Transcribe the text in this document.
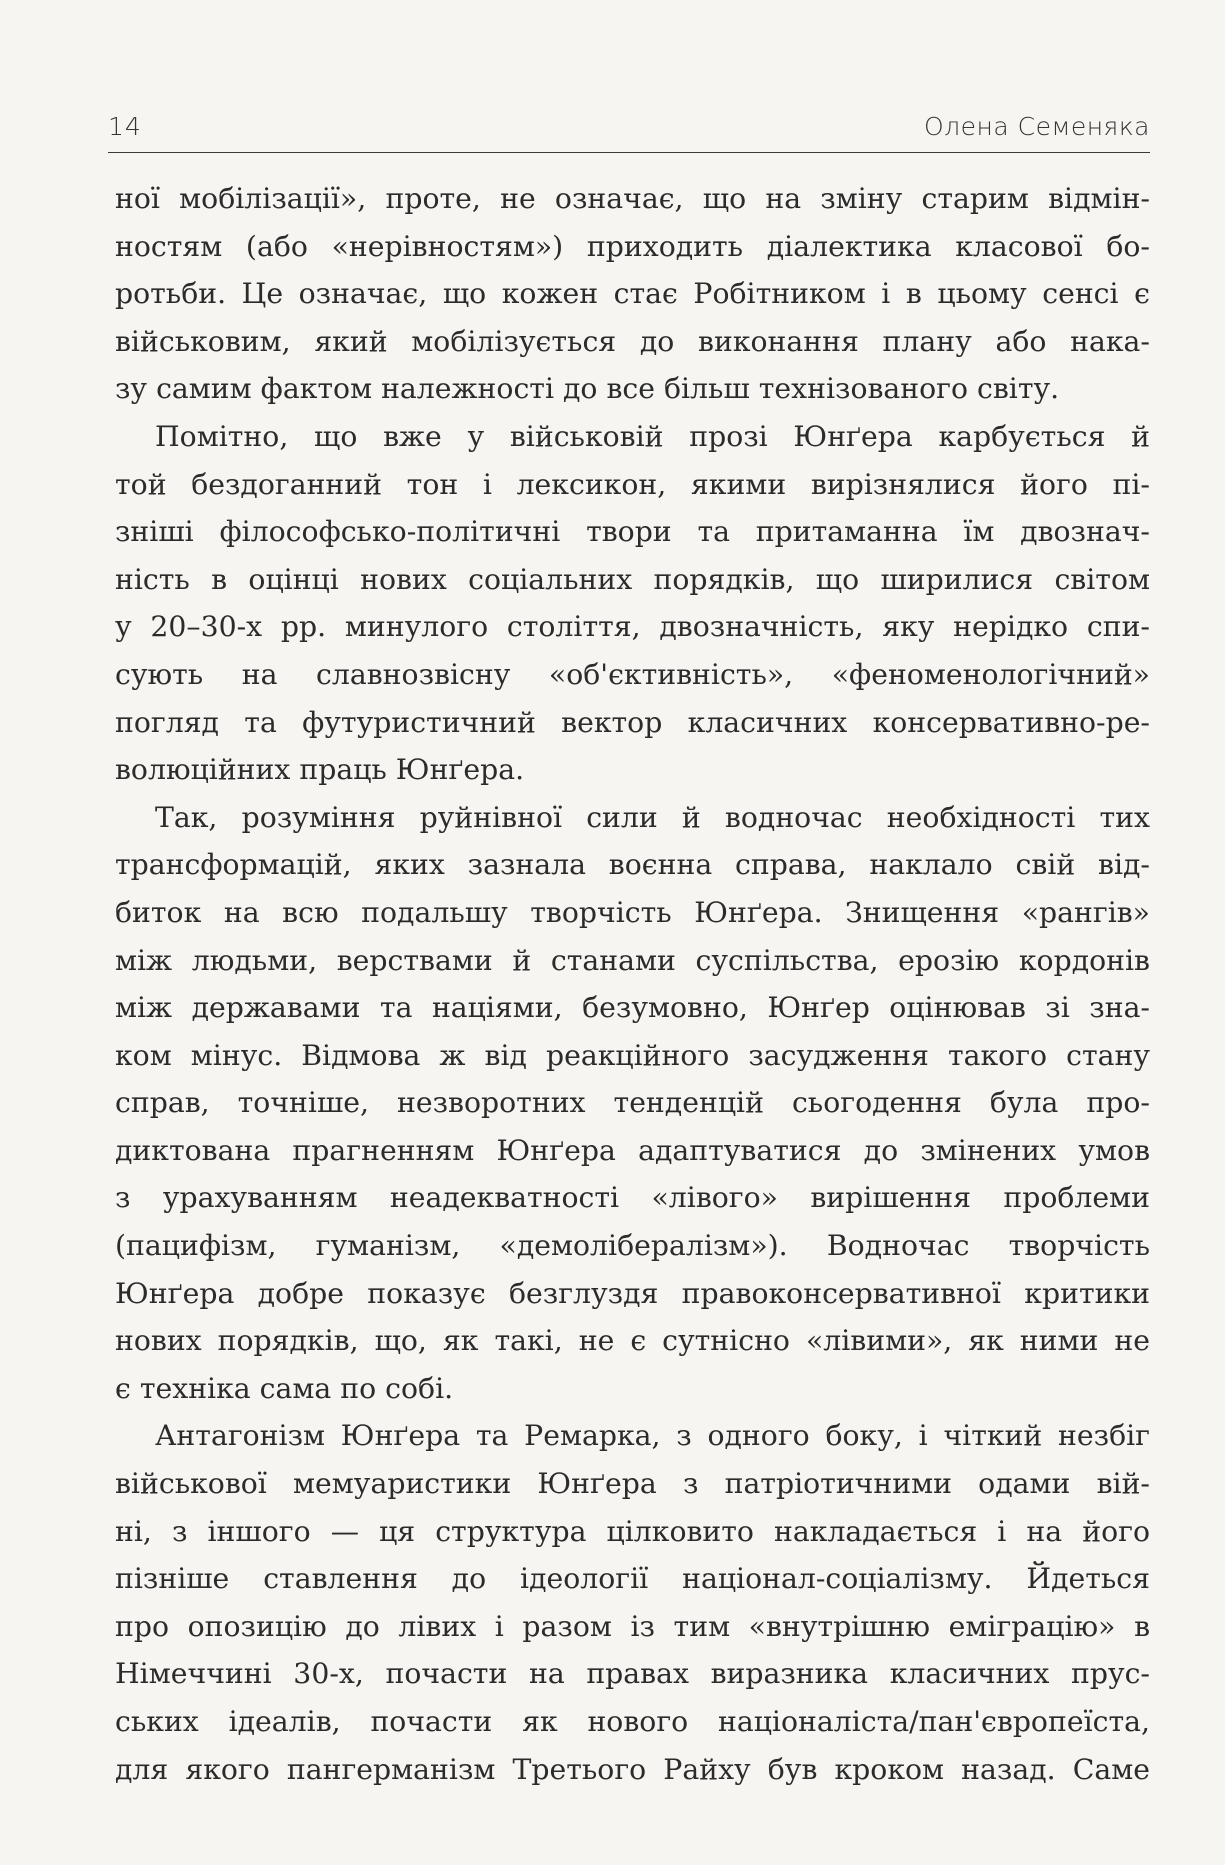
14	Олена Семеняка
ної мобілізації», проте, не означає, що на зміну старим відмін-
ностям (або «нерівностям») приходить діалектика класової бо-
ротьби. Це означає, що кожен стає Робітником і в цьому сенсі є
військовим, який мобілізується до виконання плану або нака-
зу самим фактом належності до все більш технізованого світу.
Помітно, що вже у військовій прозі Юнґера карбується й
той бездоганний тон і лексикон, якими вирізнялися його пі-
зніші філософсько-політичні твори та притаманна їм двознач-
ність в оцінці нових соціальних порядків, що ширилися світом
у 20–30-х рр. минулого століття, двозначність, яку нерідко спи-
сують на славнозвісну «об'єктивність», «феноменологічний»
погляд та футуристичний вектор класичних консервативно-ре-
волюційних праць Юнґера.
Так, розуміння руйнівної сили й водночас необхідності тих
трансформацій, яких зазнала воєнна справа, наклало свій від-
биток на всю подальшу творчість Юнґера. Знищення «рангів»
між людьми, верствами й станами суспільства, ерозію кордонів
між державами та націями, безумовно, Юнґер оцінював зі зна-
ком мінус. Відмова ж від реакційного засудження такого стану
справ, точніше, незворотних тенденцій сьогодення була про-
диктована прагненням Юнґера адаптуватися до змінених умов
з урахуванням неадекватності «лівого» вирішення проблеми
(пацифізм, гуманізм, «демолібералізм»). Водночас творчість
Юнґера добре показує безглуздя правоконсервативної критики
нових порядків, що, як такі, не є сутнісно «лівими», як ними не
є техніка сама по собі.
Антагонізм Юнґера та Ремарка, з одного боку, і чіткий незбіг
військової мемуаристики Юнґера з патріотичними одами вій-
ні, з іншого — ця структура цілковито накладається і на його
пізніше ставлення до ідеології націонал-соціалізму. Йдеться
про опозицію до лівих і разом із тим «внутрішню еміграцію» в
Німеччині 30-х, почасти на правах виразника класичних прус-
ських ідеалів, почасти як нового націоналіста/пан'європеїста,
для якого пангерманізм Третього Райху був кроком назад. Саме
